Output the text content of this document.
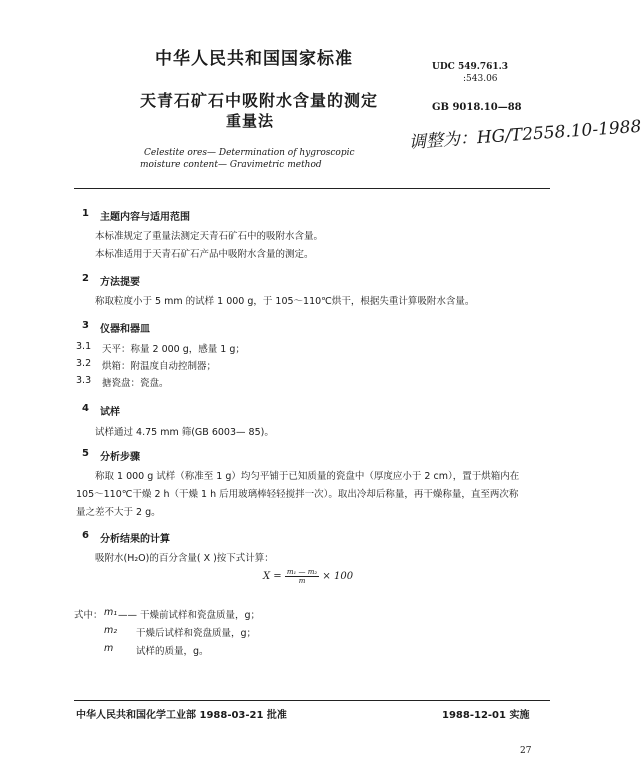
中华人民共和国国家标准
天青石矿石中吸附水含量的测定
重量法
UDC 549.761.3
:543.06
GB 9018.10—88
调整为：HG/T2558.10-1988
Celestite ores— Determination of hygroscopic
moisture content— Gravimetric method
1 主题内容与适用范围
本标准规定了重量法测定天青石矿石中的吸附水含量。
本标准适用于天青石矿石产品中吸附水含量的测定。
2 方法提要
称取粒度小于 5 mm 的试样 1 000 g，于 105～110℃烘干，根据失重计算吸附水含量。
3 仪器和器皿
3.1 天平：称量 2 000 g，感量 1 g；
3.2 烘箱：附温度自动控制器；
3.3 搪瓷盘：瓷盘。
4 试样
试样通过 4.75 mm 筛(GB 6003— 85)。
5 分析步骤
称取 1 000 g 试样（称准至 1 g）均匀平铺于已知质量的瓷盘中（厚度应小于 2 cm），置于烘箱内在
105～110℃干燥 2 h（干燥 1 h 后用玻璃棒轻轻搅拌一次）。取出冷却后称量，再干燥称量，直至两次称
量之差不大于 2 g。
6 分析结果的计算
吸附水(H₂O)的百分含量( X )按下式计算：
$X = \frac{\text{m₁ — m₂}}{m} \times 100$
式中： m₁ —— 干燥前试样和瓷盘质量，g；
m₂ 干燥后试样和瓷盘质量，g；
m 试样的质量，g。
中华人民共和国化学工业部 1988-03-21 批准	1988-12-01 实施
27
